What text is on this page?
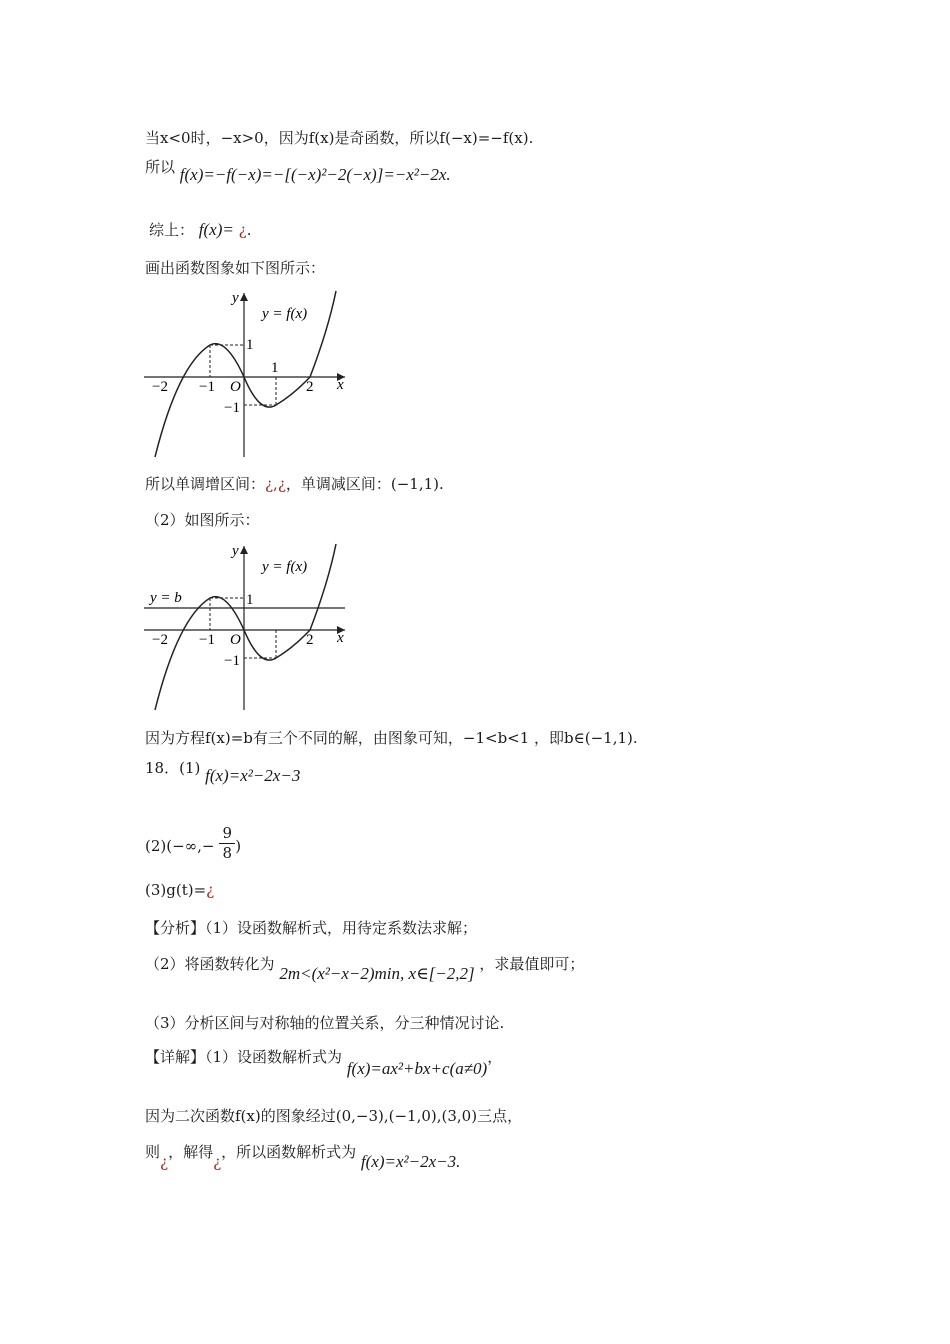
当x<0时，−x>0，因为f(x)是奇函数，所以f(−x)=−f(x).
所以 f(x)=−f(−x)=−[(−x)²−2(−x)]=−x²−2x.
综上： f(x)= ¿.
画出函数图象如下图所示：
y
x
y = f(x)
O
−2 −1
1
2
1
−1
所以单调增区间：¿,¿，单调减区间：(−1,1).
（2）如图所示：
y
x
y = f(x)
y = b
O
−2 −1	2
1
−1
因为方程f(x)=b有三个不同的解，由图象可知，−1<b<1 ，即b∈(−1,1).
18．(1) f(x)=x²−2x−3
$(2)(-\infty,- \frac{9}{8}$ )
(3)g(t)=¿
【分析】（1）设函数解析式，用待定系数法求解；
（2）将函数转化为 2m<(x²−x−2)min, x∈[−2,2] ，求最值即可；
（3）分析区间与对称轴的位置关系，分三种情况讨论.
【详解】（1）设函数解析式为 f(x)=ax²+bx+c(a≠0)，
因为二次函数f(x)的图象经过(0,−3),(−1,0),(3,0)三点，
则¿，解得¿，所以函数解析式为 f(x)=x²−2x−3.
